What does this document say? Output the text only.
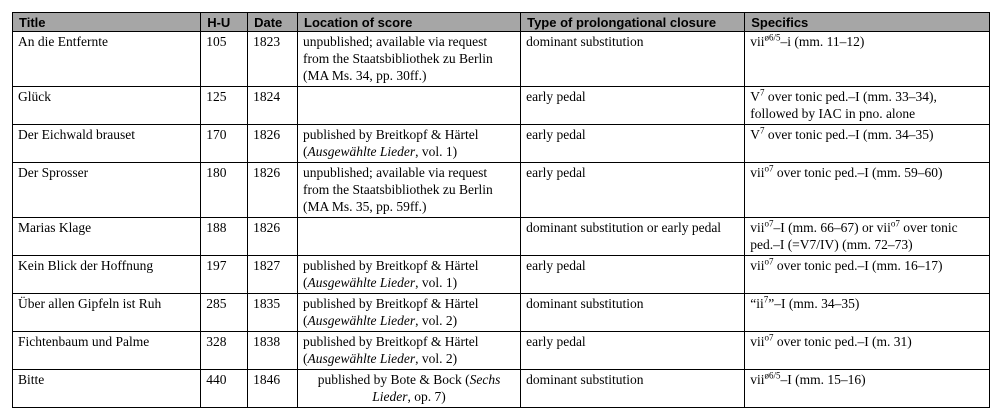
Title	H-U	Date	Location of score	Type of prolongational closure	Specifics
An die Entfernte	105	1823	unpublished; available via request from the Staatsbibliothek zu Berlin (MA Ms. 34, pp. 30ff.)	dominant substitution	vii$^{ø6/5}$–i (mm. 11–12)
Glück	125	1824		early pedal	$V^7$ over tonic ped.–I (mm. 33–34), followed by IAC in pno. alone
Der Eichwald brauset	170	1826	published by Breitkopf & Härtel (Ausgewählte Lieder, vol. 1)	early pedal	$V^7$ over tonic ped.–I (mm. 34–35)
Der Sprosser	180	1826	unpublished; available via request from the Staatsbibliothek zu Berlin (MA Ms. 35, pp. 59ff.)	early pedal	vii$^{o7}$ over tonic ped.–I (mm. 59–60)
Marias Klage	188	1826		dominant substitution or early pedal	vii$^{o7}$–I (mm. 66–67) or vii$^{o7}$ over tonic ped.–I (=V7/IV) (mm. 72–73)
Kein Blick der Hoffnung	197	1827	published by Breitkopf & Härtel (Ausgewählte Lieder, vol. 1)	early pedal	vii$^{o7}$ over tonic ped.–I (mm. 16–17)
Über allen Gipfeln ist Ruh	285	1835	published by Breitkopf & Härtel (Ausgewählte Lieder, vol. 2)	dominant substitution	“$ii^7”-I$ (mm. 34–35)
Fichtenbaum und Palme	328	1838	published by Breitkopf & Härtel (Ausgewählte Lieder, vol. 2)	early pedal	vii$^{o7}$ over tonic ped.–I (m. 31)
Bitte	440	1846	published by Bote & Bock (Sechs Lieder, op. 7)	dominant substitution	vii$^{ø6/5}$–I (mm. 15–16)
